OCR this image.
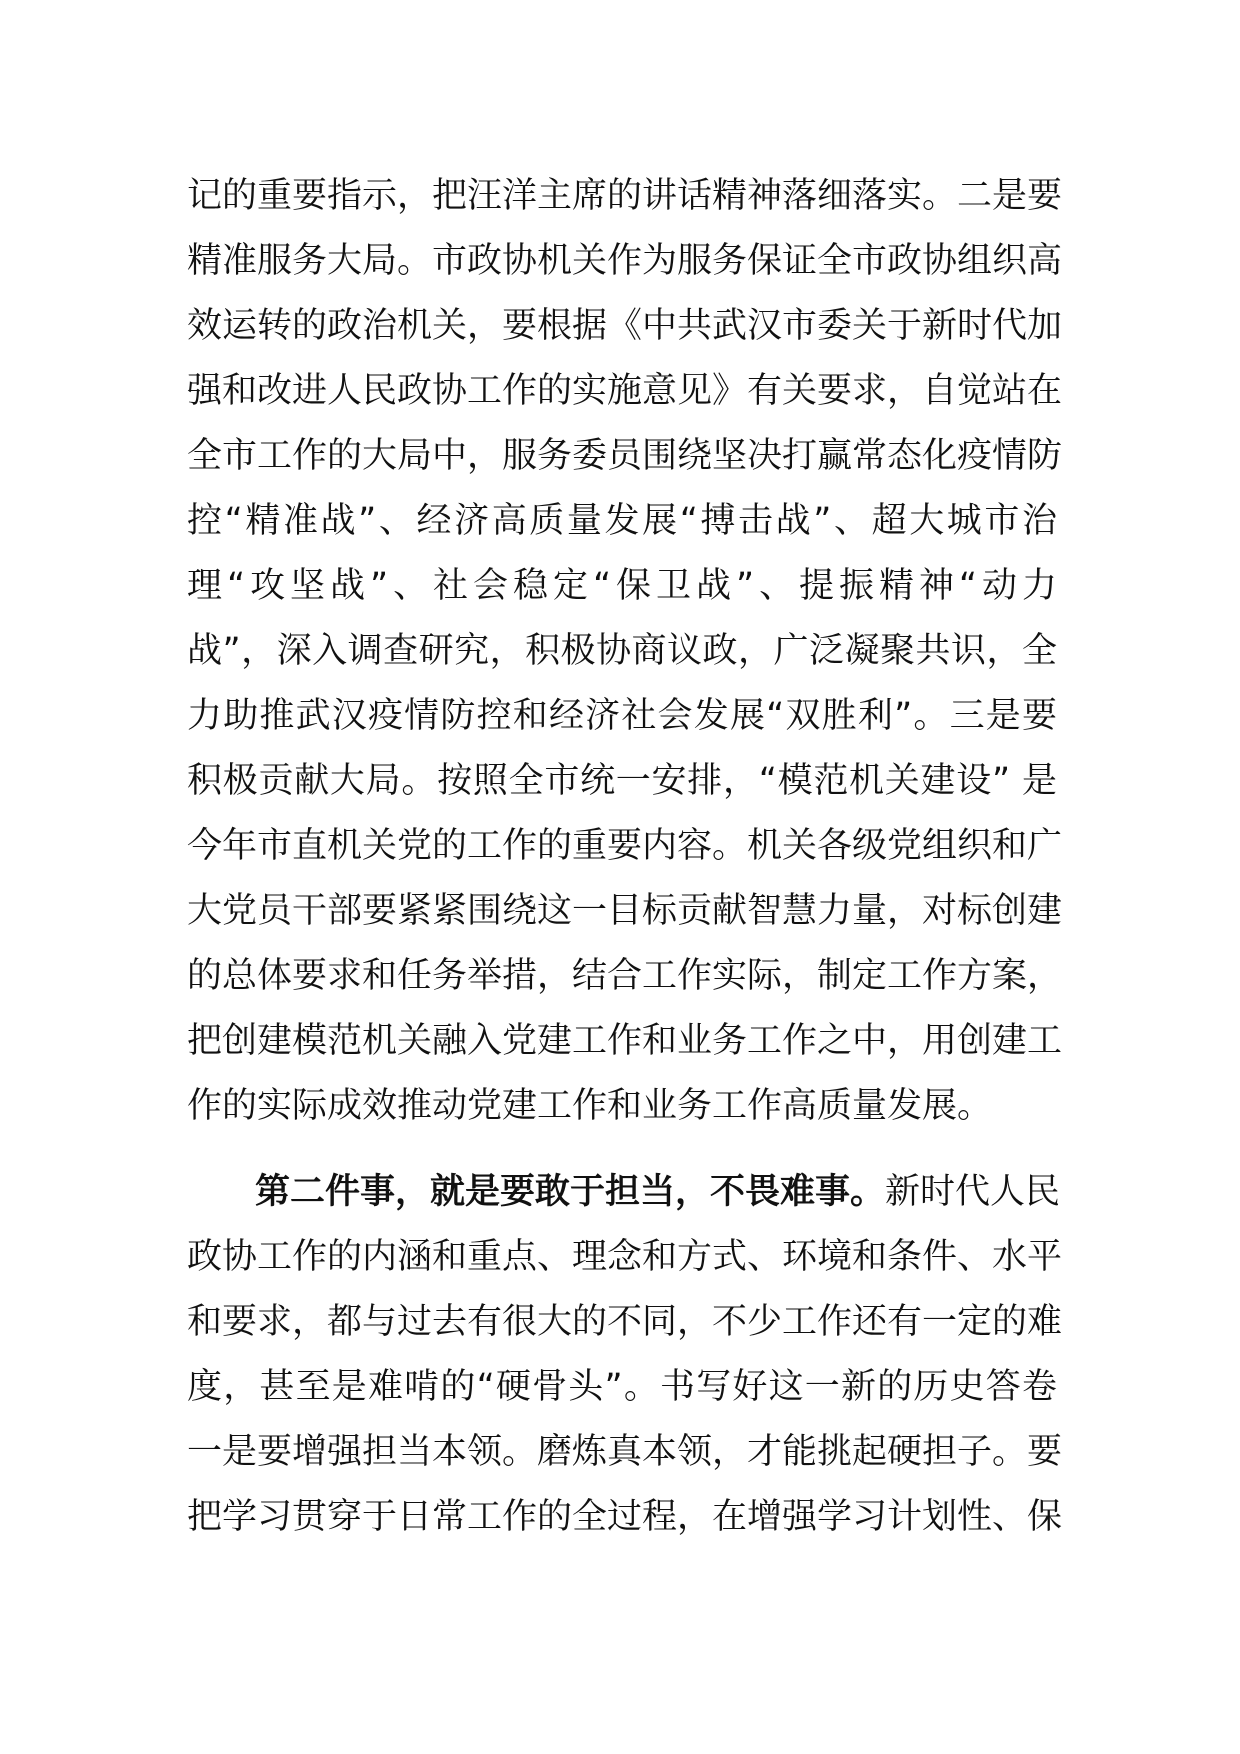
记的重要指示，把汪洋主席的讲话精神落细落实。二是要
精准服务大局。市政协机关作为服务保证全市政协组织高
效运转的政治机关，要根据《中共武汉市委关于新时代加
强和改进人民政协工作的实施意见》有关要求，自觉站在
全市工作的大局中，服务委员围绕坚决打赢常态化疫情防
控“精准战”、经济高质量发展“搏击战”、超大城市治
理“攻坚战”、社会稳定“保卫战”、提振精神“动力
战”，深入调查研究，积极协商议政，广泛凝聚共识，全
力助推武汉疫情防控和经济社会发展“双胜利”。三是要
积极贡献大局。按照全市统一安排，“模范机关建设” 是
今年市直机关党的工作的重要内容。机关各级党组织和广
大党员干部要紧紧围绕这一目标贡献智慧力量，对标创建
的总体要求和任务举措，结合工作实际，制定工作方案，
把创建模范机关融入党建工作和业务工作之中，用创建工
作的实际成效推动党建工作和业务工作高质量发展。
第二件事，就是要敢于担当，不畏难事。新时代人民
政协工作的内涵和重点、理念和方式、环境和条件、水平
和要求，都与过去有很大的不同，不少工作还有一定的难
度，甚至是难啃的“硬骨头”。书写好这一新的历史答卷
一是要增强担当本领。磨炼真本领，才能挑起硬担子。要
把学习贯穿于日常工作的全过程，在增强学习计划性、保
